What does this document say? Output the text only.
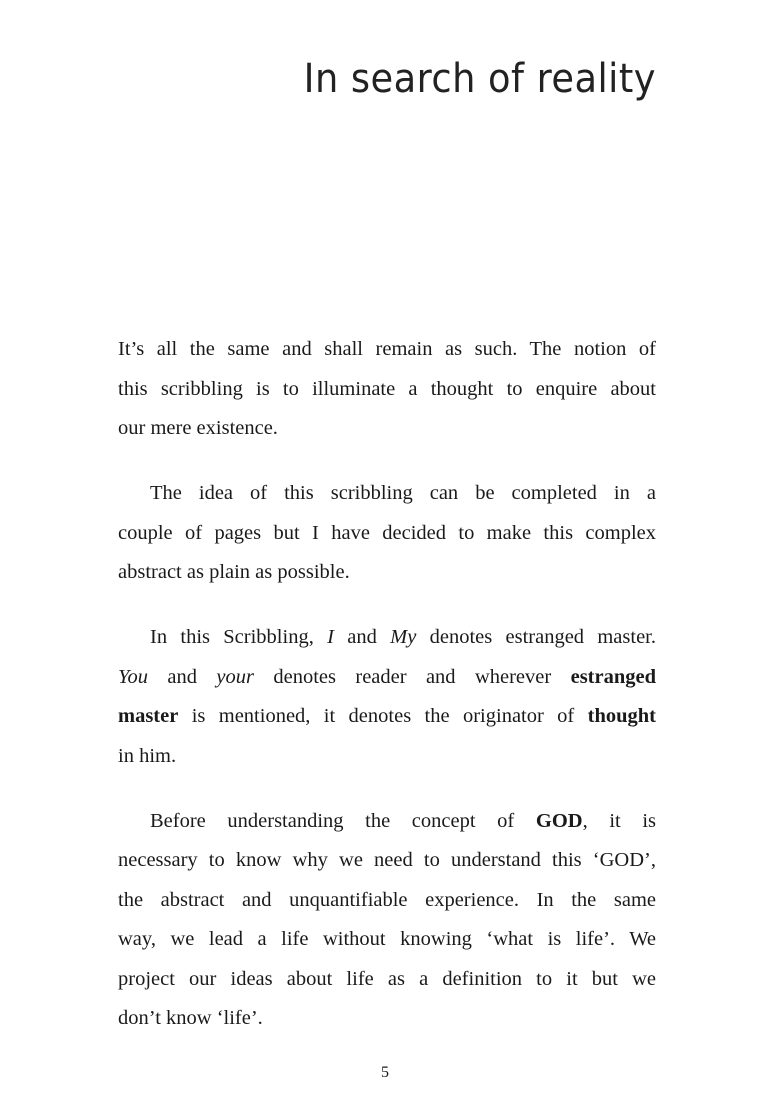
In search of reality
It’s all the same and shall remain as such. The notion of
this scribbling is to illuminate a thought to enquire about
our mere existence.
The idea of this scribbling can be completed in a
couple of pages but I have decided to make this complex
abstract as plain as possible.
In this Scribbling, I and My denotes estranged master.
You and your denotes reader and wherever estranged
master is mentioned, it denotes the originator of thought
in him.
Before understanding the concept of GOD, it is
necessary to know why we need to understand this ‘GOD’,
the abstract and unquantifiable experience. In the same
way, we lead a life without knowing ‘what is life’. We
project our ideas about life as a definition to it but we
don’t know ‘life’.
5
